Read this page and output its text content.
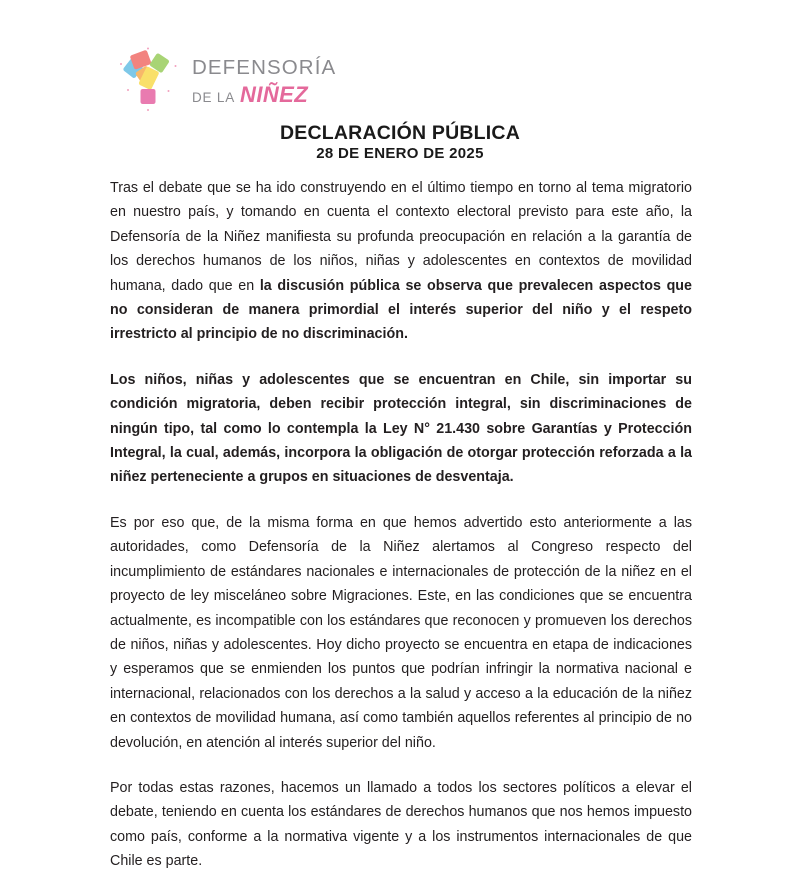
DEFENSORÍA
DE LA NIÑEZ
DECLARACIÓN PÚBLICA
28 DE ENERO DE 2025

Tras el debate que se ha ido construyendo en el último tiempo en torno al tema migratorio en nuestro país, y tomando en cuenta el contexto electoral previsto para este año, la Defensoría de la Niñez manifiesta su profunda preocupación en relación a la garantía de los derechos humanos de los niños, niñas y adolescentes en contextos de movilidad humana, dado que en la discusión pública se observa que prevalecen aspectos que no consideran de manera primordial el interés superior del niño y el respeto irrestricto al principio de no discriminación.

Los niños, niñas y adolescentes que se encuentran en Chile, sin importar su condición migratoria, deben recibir protección integral, sin discriminaciones de ningún tipo, tal como lo contempla la Ley N° 21.430 sobre Garantías y Protección Integral, la cual, además, incorpora la obligación de otorgar protección reforzada a la niñez perteneciente a grupos en situaciones de desventaja.

Es por eso que, de la misma forma en que hemos advertido esto anteriormente a las autoridades, como Defensoría de la Niñez alertamos al Congreso respecto del incumplimiento de estándares nacionales e internacionales de protección de la niñez en el proyecto de ley misceláneo sobre Migraciones. Este, en las condiciones que se encuentra actualmente, es incompatible con los estándares que reconocen y promueven los derechos de niños, niñas y adolescentes. Hoy dicho proyecto se encuentra en etapa de indicaciones y esperamos que se enmienden los puntos que podrían infringir la normativa nacional e internacional, relacionados con los derechos a la salud y acceso a la educación de la niñez en contextos de movilidad humana, así como también aquellos referentes al principio de no devolución, en atención al interés superior del niño.

Por todas estas razones, hacemos un llamado a todos los sectores políticos a elevar el debate, teniendo en cuenta los estándares de derechos humanos que nos hemos impuesto como país, conforme a la normativa vigente y a los instrumentos internacionales de que Chile es parte.
